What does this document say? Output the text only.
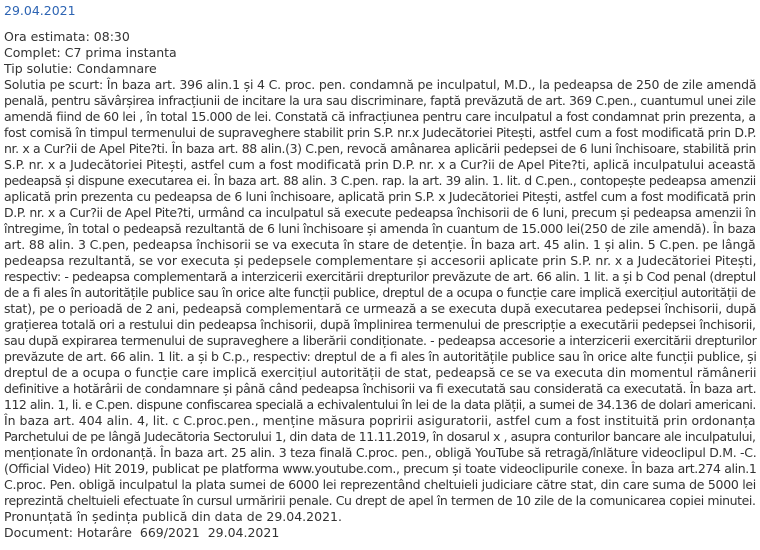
29.04.2021
Ora estimata: 08:30
Complet: C7 prima instanta
Tip solutie: Condamnare
Solutia pe scurt: În baza art. 396 alin.1 și 4 C. proc. pen. condamnă pe inculpatul, M.D., la pedeapsa de 250 de zile amendă
penală, pentru săvârșirea infracțiunii de incitare la ura sau discriminare, faptă prevăzută de art. 369 C.pen., cuantumul unei zile
amendă fiind de 60 lei , în total 15.000 de lei. Constată că infracțiunea pentru care inculpatul a fost condamnat prin prezenta, a
fost comisă în timpul termenului de supraveghere stabilit prin S.P. nr.x Judecătoriei Pitești, astfel cum a fost modificată prin D.P.
nr. x a Cur?ii de Apel Pite?ti. În baza art. 88 alin.(3) C.pen, revocă amânarea aplicării pedepsei de 6 luni închisoare, stabilită prin
S.P. nr. x a Judecătoriei Pitești, astfel cum a fost modificată prin D.P. nr. x a Cur?ii de Apel Pite?ti, aplică inculpatului această
pedeapsă și dispune executarea ei. În baza art. 88 alin. 3 C.pen. rap. la art. 39 alin. 1. lit. d C.pen., contopește pedeapsa amenzii
aplicată prin prezenta cu pedeapsa de 6 luni închisoare, aplicată prin S.P. x Judecătoriei Pitești, astfel cum a fost modificată prin
D.P. nr. x a Cur?ii de Apel Pite?ti, urmând ca inculpatul să execute pedeapsa închisorii de 6 luni, precum și pedeapsa amenzii în
întregime, în total o pedeapsă rezultantă de 6 luni închisoare și amenda în cuantum de 15.000 lei(250 de zile amendă). În baza
art. 88 alin. 3 C.pen, pedeapsa închisorii se va executa în stare de detenție. În baza art. 45 alin. 1 și alin. 5 C.pen. pe lângă
pedeapsa rezultantă, se vor executa și pedepsele complementare și accesorii aplicate prin S.P. nr. x a Judecătoriei Pitești,
respectiv: - pedeapsa complementară a interzicerii exercitării drepturilor prevăzute de art. 66 alin. 1 lit. a și b Cod penal (dreptul
de a fi ales în autoritățile publice sau în orice alte funcții publice, dreptul de a ocupa o funcție care implică exercițiul autorității de
stat), pe o perioadă de 2 ani, pedeapsă complementară ce urmează a se executa după executarea pedepsei închisorii, după
grațierea totală ori a restului din pedeapsa închisorii, după împlinirea termenului de prescripție a executării pedepsei închisorii,
sau după expirarea termenului de supraveghere a liberării condiționate. - pedeapsa accesorie a interzicerii exercitării drepturilor
prevăzute de art. 66 alin. 1 lit. a și b C.p., respectiv: dreptul de a fi ales în autoritățile publice sau în orice alte funcții publice, și
dreptul de a ocupa o funcție care implică exercițiul autorității de stat, pedeapsă ce se va executa din momentul rămânerii
definitive a hotărârii de condamnare și până când pedeapsa închisorii va fi executată sau considerată ca executată. În baza art.
112 alin. 1, li. e C.pen. dispune confiscarea specială a echivalentului în lei de la data plății, a sumei de 34.136 de dolari americani.
În baza art. 404 alin. 4, lit. c C.proc.pen., menține măsura popririi asiguratorii, astfel cum a fost instituită prin ordonanța
Parchetului de pe lângă Judecătoria Sectorului 1, din data de 11.11.2019, în dosarul x , asupra conturilor bancare ale inculpatului,
menționate în ordonanță. În baza art. 25 alin. 3 teza finală C.proc. pen., obligă YouTube să retragă/înlăture videoclipul D.M. -C.
(Official Video) Hit 2019, publicat pe platforma www.youtube.com., precum și toate videoclipurile conexe. În baza art.274 alin.1
C.proc. Pen. obligă inculpatul la plata sumei de 6000 lei reprezentând cheltuieli judiciare către stat, din care suma de 5000 lei
reprezintă cheltuieli efectuate în cursul urmăririi penale. Cu drept de apel în termen de 10 zile de la comunicarea copiei minutei.
Pronunțată în ședința publică din data de 29.04.2021.
Document: Hotarâre  669/2021  29.04.2021
